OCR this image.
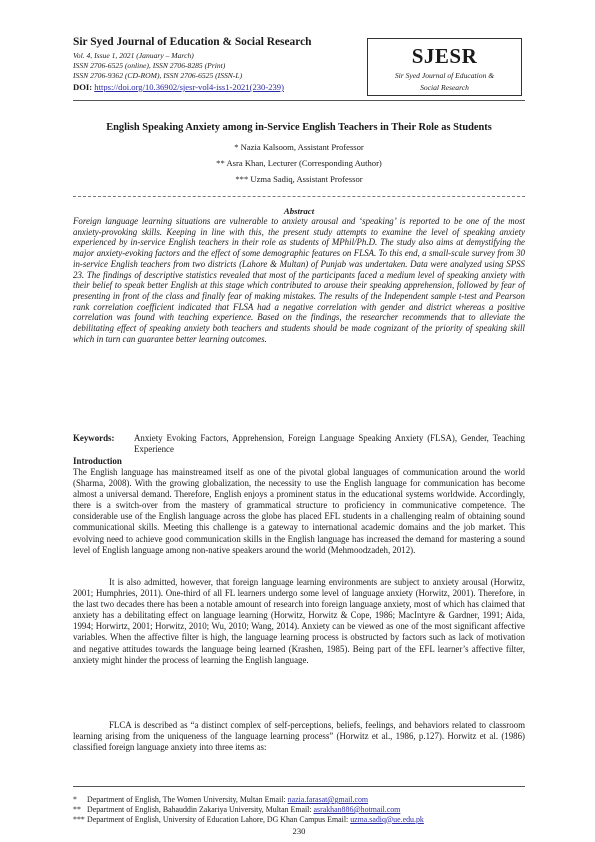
Sir Syed Journal of Education & Social Research
Vol. 4, Issue 1, 2021 (January – March)
ISSN 2706-6525 (online), ISSN 2706-8285 (Print)
ISSN 2706-9362 (CD-ROM), ISSN 2706-6525 (ISSN-L)
DOI: https://doi.org/10.36902/sjesr-vol4-iss1-2021(230-239)
SJESR
Sir Syed Journal of Education &
Social Research
English Speaking Anxiety among in-Service English Teachers in Their Role as Students
* Nazia Kalsoom, Assistant Professor
** Asra Khan, Lecturer (Corresponding Author)
*** Uzma Sadiq, Assistant Professor
Abstract
Foreign language learning situations are vulnerable to anxiety arousal and ‘speaking’ is reported to be one of the most anxiety-provoking skills. Keeping in line with this, the present study attempts to examine the level of speaking anxiety experienced by in-service English teachers in their role as students of MPhil/Ph.D. The study also aims at demystifying the major anxiety-evoking factors and the effect of some demographic features on FLSA. To this end, a small-scale survey from 30 in-service English teachers from two districts (Lahore & Multan) of Punjab was undertaken. Data were analyzed using SPSS 23. The findings of descriptive statistics revealed that most of the participants faced a medium level of speaking anxiety with their belief to speak better English at this stage which contributed to arouse their speaking apprehension, followed by fear of presenting in front of the class and finally fear of making mistakes. The results of the Independent sample t-test and Pearson rank correlation coefficient indicated that FLSA had a negative correlation with gender and district whereas a positive correlation was found with teaching experience. Based on the findings, the researcher recommends that to alleviate the debilitating effect of speaking anxiety both teachers and students should be made cognizant of the priority of speaking skill which in turn can guarantee better learning outcomes.
Keywords: Anxiety Evoking Factors, Apprehension, Foreign Language Speaking Anxiety (FLSA), Gender, Teaching Experience
Introduction
The English language has mainstreamed itself as one of the pivotal global languages of communication around the world (Sharma, 2008). With the growing globalization, the necessity to use the English language for communication has become almost a universal demand. Therefore, English enjoys a prominent status in the educational systems worldwide. Accordingly, there is a switch-over from the mastery of grammatical structure to proficiency in communicative competence. The considerable use of the English language across the globe has placed EFL students in a challenging realm of obtaining sound communicational skills. Meeting this challenge is a gateway to international academic domains and the job market. This evolving need to achieve good communication skills in the English language has increased the demand for mastering a sound level of English language among non-native speakers around the world (Mehmoodzadeh, 2012).
It is also admitted, however, that foreign language learning environments are subject to anxiety arousal (Horwitz, 2001; Humphries, 2011). One-third of all FL learners undergo some level of language anxiety (Horwitz, 2001). Therefore, in the last two decades there has been a notable amount of research into foreign language anxiety, most of which has claimed that anxiety has a debilitating effect on language learning (Horwitz, Horwitz & Cope, 1986; MacIntyre & Gardner, 1991; Aida, 1994; Horwirtz, 2001; Horwitz, 2010; Wu, 2010; Wang, 2014). Anxiety can be viewed as one of the most significant affective variables. When the affective filter is high, the language learning process is obstructed by factors such as lack of motivation and negative attitudes towards the language being learned (Krashen, 1985). Being part of the EFL learner’s affective filter, anxiety might hinder the process of learning the English language.
FLCA is described as “a distinct complex of self-perceptions, beliefs, feelings, and behaviors related to classroom learning arising from the uniqueness of the language learning process” (Horwitz et al., 1986, p.127). Horwitz et al. (1986) classified foreign language anxiety into three items as:
* Department of English, The Women University, Multan Email: nazia.farasat@gmail.com
** Department of English, Bahauddin Zakariya University, Multan Email: asrakhan886@hotmail.com
*** Department of English, University of Education Lahore, DG Khan Campus Email: uzma.sadiq@ue.edu.pk
230
